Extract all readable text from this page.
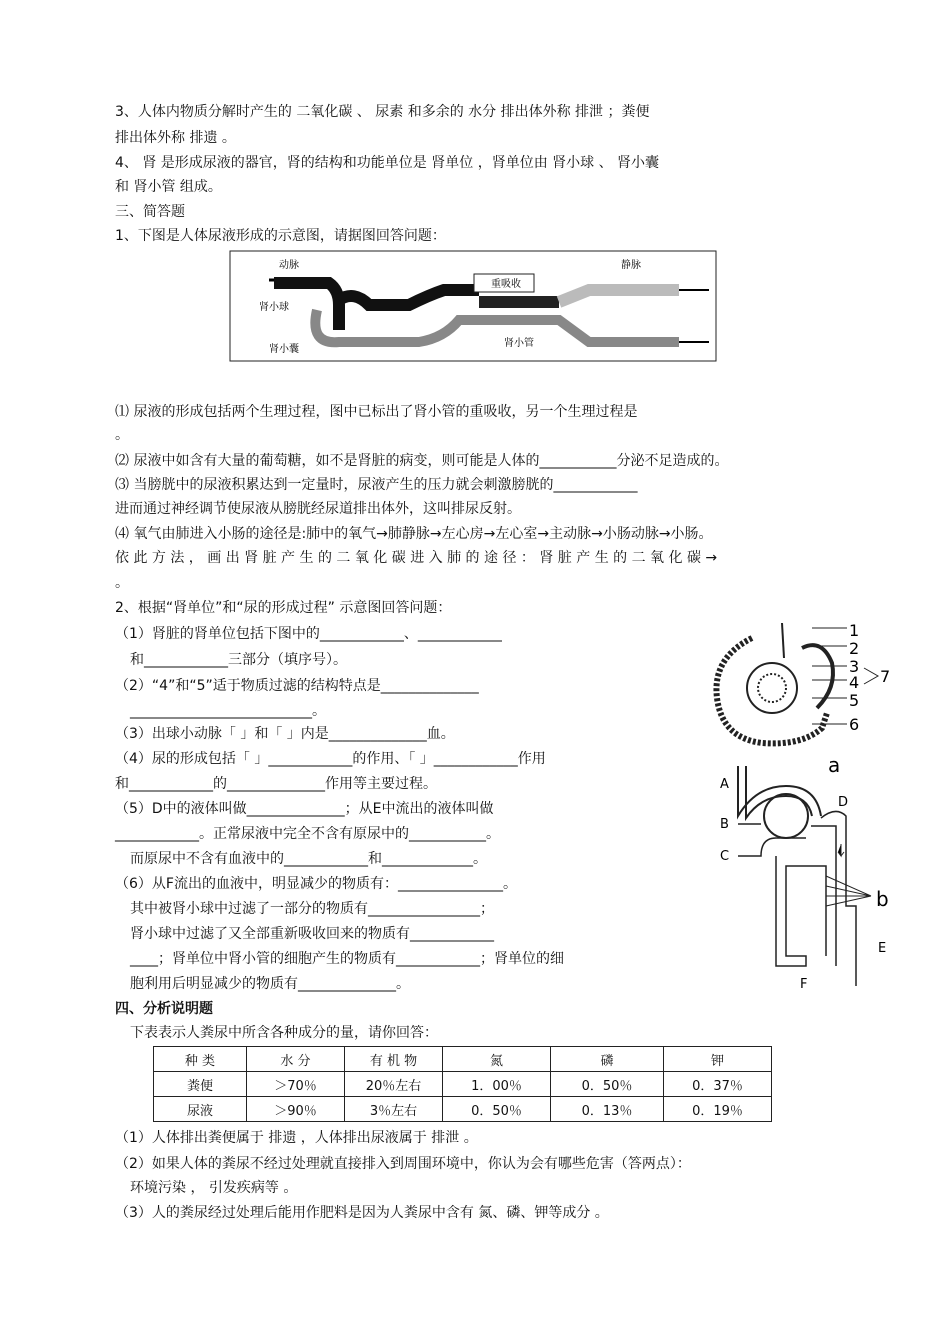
3、人体内物质分解时产生的 二氧化碳 、 尿素 和多余的 水分 排出体外称 排泄 ；粪便
排出体外称 排遗 。
4、 肾 是形成尿液的器官，肾的结构和功能单位是 肾单位 ，肾单位由 肾小球 、 肾小囊
和 肾小管 组成。
三、简答题
1、下图是人体尿液形成的示意图，请据图回答问题：
重吸收
动脉	静脉
肾小球
肾小囊
肾小管
⑴ 尿液的形成包括两个生理过程，图中已标出了肾小管的重吸收，另一个生理过程是
。
⑵ 尿液中如含有大量的葡萄糖，如不是肾脏的病变，则可能是人体的___________分泌不足造成的。
⑶ 当膀胱中的尿液积累达到一定量时，尿液产生的压力就会刺激膀胱的____________
进而通过神经调节使尿液从膀胱经尿道排出体外，这叫排尿反射。
⑷ 氧气由肺进入小肠的途径是:肺中的氧气→肺静脉→左心房→左心室→主动脉→小肠动脉→小肠。
依 此 方 法 ， 画 出 肾 脏 产 生 的 二 氧 化 碳 进 入 肺 的 途 径 ： 肾 脏 产 生 的 二 氧 化 碳 →
。
2、根据“肾单位”和“尿的形成过程” 示意图回答问题：
（1）肾脏的肾单位包括下图中的____________、____________
和____________三部分（填序号）。
（2）“4”和“5”适于物质过滤的结构特点是______________
__________________________。
（3）出球小动脉「 」和「 」内是______________血。
（4）尿的形成包括「 」____________的作用、「 」____________作用
和____________的______________作用等主要过程。
（5）D中的液体叫做______________；从E中流出的液体叫做
____________。正常尿液中完全不含有原尿中的___________。
而原尿中不含有血液中的____________和_____________。
（6）从F流出的血液中，明显减少的物质有：_______________。
其中被肾小球中过滤了一部分的物质有________________；
肾小球中过滤了又全部重新吸收回来的物质有____________
____；肾单位中肾小管的细胞产生的物质有____________；肾单位的细
胞利用后明显减少的物质有______________。
1
2
3
4
5
6
7
A
B
C
a
D
b
E
F
四、分析说明题
下表表示人粪尿中所含各种成分的量，请你回答：
种 类	水 分	有 机 物	氮	磷	钾
粪便	＞70％	20％左右	1．00％	0．50％	0．37％
尿液	＞90％	3％左右	0．50％	0．13％	0．19％
（1）人体排出粪便属于 排遗 ，人体排出尿液属于 排泄 。
（2）如果人体的粪尿不经过处理就直接排入到周围环境中，你认为会有哪些危害（答两点）：
环境污染 ， 引发疾病等 。
（3）人的粪尿经过处理后能用作肥料是因为人粪尿中含有 氮、磷、钾等成分 。
